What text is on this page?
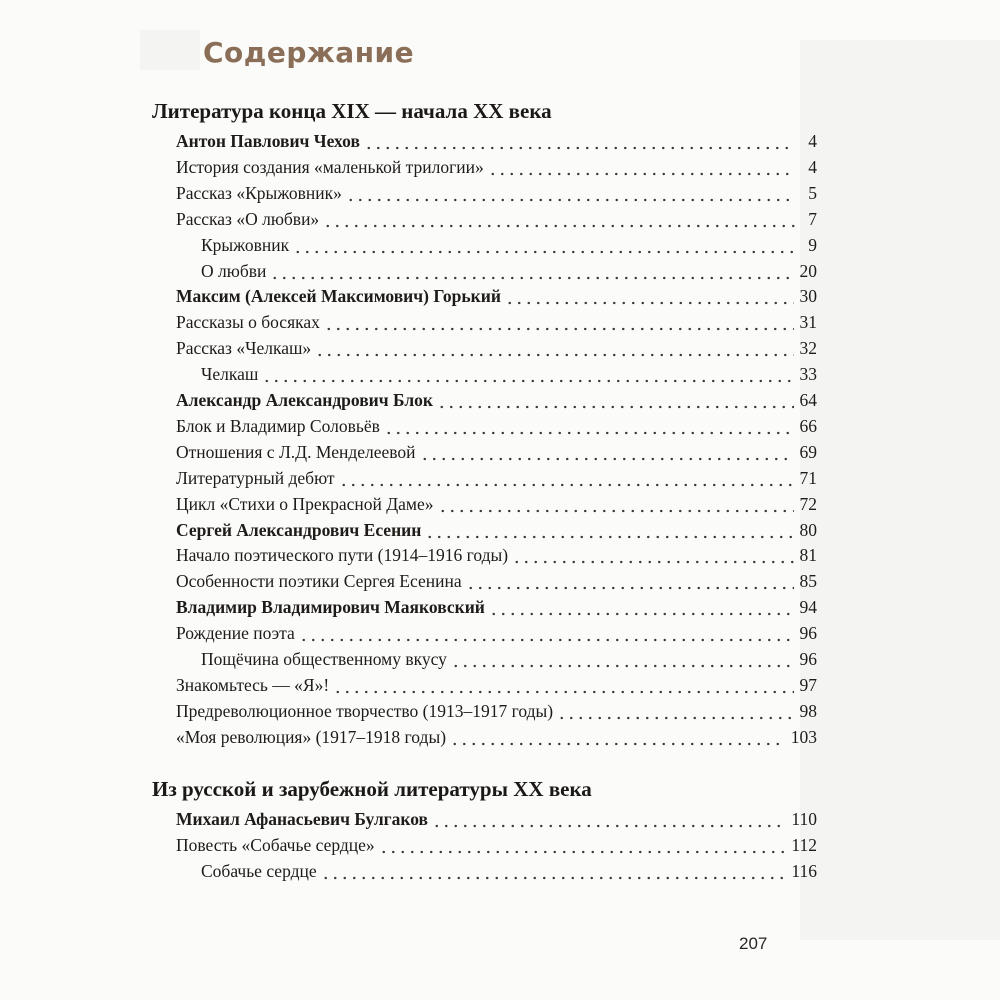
Содержание
Литература конца XIX — начала XX века
Антон Павлович Чехов	4
История создания «маленькой трилогии»	4
Рассказ «Крыжовник»	5
Рассказ «О любви»	7
Крыжовник	9
О любви	20
Максим (Алексей Максимович) Горький	30
Рассказы о босяках	31
Рассказ «Челкаш»	32
Челкаш	33
Александр Александрович Блок	64
Блок и Владимир Соловьёв	66
Отношения с Л.Д. Менделеевой	69
Литературный дебют	71
Цикл «Стихи о Прекрасной Даме»	72
Сергей Александрович Есенин	80
Начало поэтического пути (1914–1916 годы)	81
Особенности поэтики Сергея Есенина	85
Владимир Владимирович Маяковский	94
Рождение поэта	96
Пощёчина общественному вкусу	96
Знакомьтесь — «Я»!	97
Предреволюционное творчество (1913–1917 годы)	98
«Моя революция» (1917–1918 годы)	103
Из русской и зарубежной литературы XX века
Михаил Афанасьевич Булгаков	110
Повесть «Собачье сердце»	112
Собачье сердце	116
207
